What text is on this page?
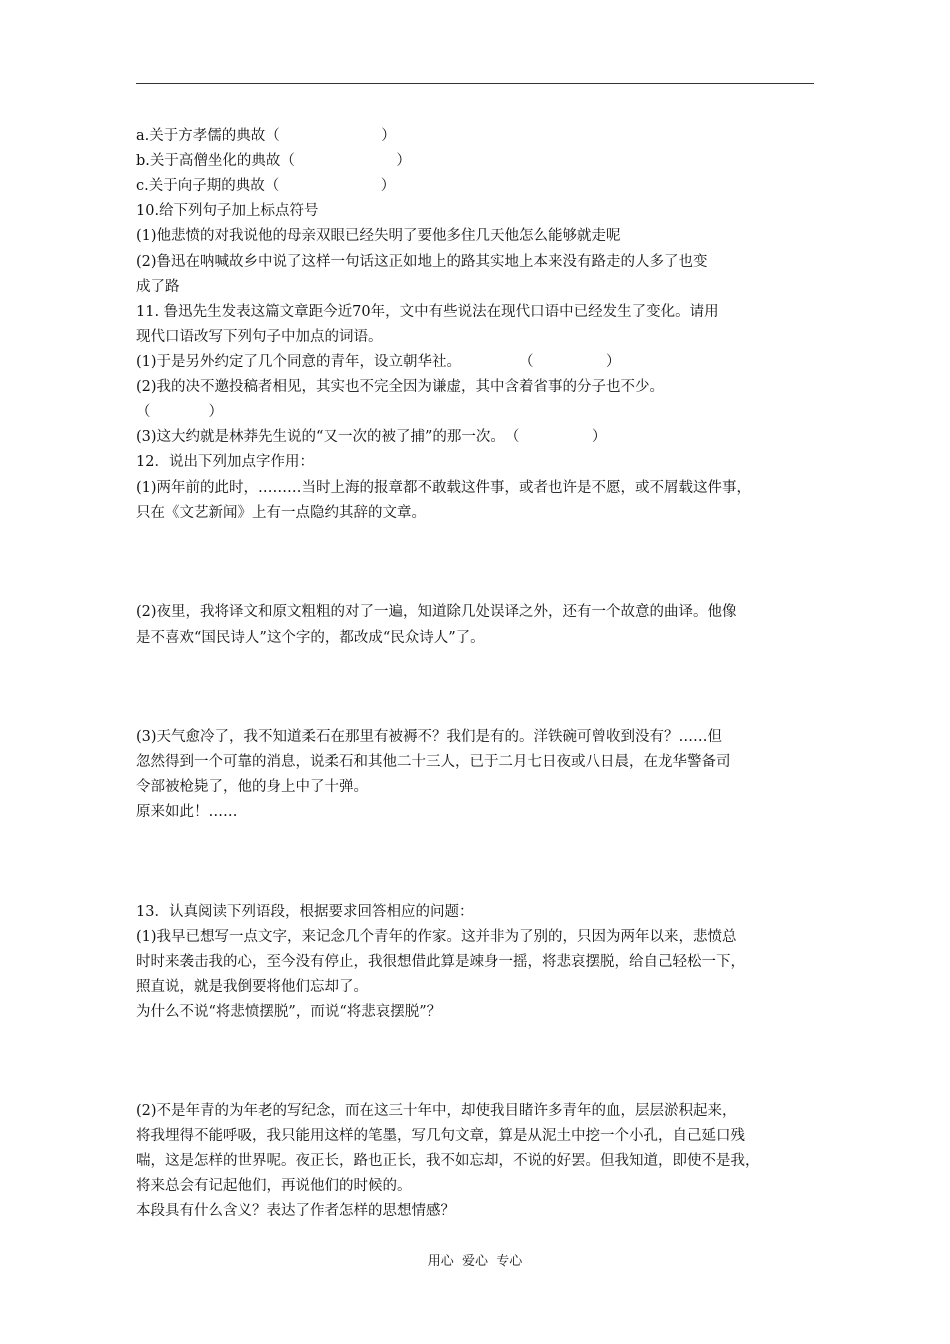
a.关于方孝儒的典故（　　　　　　　）
b.关于高僧坐化的典故（　　　　　　　）
c.关于向子期的典故（　　　　　　　）
10.给下列句子加上标点符号
(1)他悲愤的对我说他的母亲双眼已经失明了要他多住几天他怎么能够就走呢
(2)鲁迅在呐喊故乡中说了这样一句话这正如地上的路其实地上本来没有路走的人多了也变
成了路
11. 鲁迅先生发表这篇文章距今近70年，文中有些说法在现代口语中已经发生了变化。请用
现代口语改写下列句子中加点的词语。
(1)于是另外约定了几个同意的青年，设立朝华社。　　　　　（　　　　　）
(2)我的决不邀投稿者相见，其实也不完全因为谦虚，其中含着省事的分子也不少。
（　　　　）
(3)这大约就是林莽先生说的“又一次的被了捕”的那一次。　（　　　　　）
12．说出下列加点字作用：
(1)两年前的此时，………当时上海的报章都不敢载这件事，或者也许是不愿，或不屑载这件事，
只在《文艺新闻》上有一点隐约其辞的文章。
(2)夜里，我将译文和原文粗粗的对了一遍，知道除几处误译之外，还有一个故意的曲译。他像
是不喜欢“国民诗人”这个字的，都改成“民众诗人”了。
(3)天气愈冷了，我不知道柔石在那里有被褥不？我们是有的。洋铁碗可曾收到没有？……但
忽然得到一个可靠的消息，说柔石和其他二十三人，已于二月七日夜或八日晨，在龙华警备司
令部被枪毙了，他的身上中了十弹。
原来如此！……
13．认真阅读下列语段，根据要求回答相应的问题：
(1)我早已想写一点文字，来记念几个青年的作家。这并非为了别的，只因为两年以来，悲愤总
时时来袭击我的心，至今没有停止，我很想借此算是竦身一摇，将悲哀摆脱，给自己轻松一下，
照直说，就是我倒要将他们忘却了。
为什么不说“将悲愤摆脱”，而说“将悲哀摆脱”？
(2)不是年青的为年老的写纪念，而在这三十年中，却使我目睹许多青年的血，层层淤积起来，
将我埋得不能呼吸，我只能用这样的笔墨，写几句文章，算是从泥土中挖一个小孔，自己延口残
喘，这是怎样的世界呢。夜正长，路也正长，我不如忘却，不说的好罢。但我知道，即使不是我，
将来总会有记起他们，再说他们的时候的。
本段具有什么含义？表达了作者怎样的思想情感？
用心  爱心  专心
